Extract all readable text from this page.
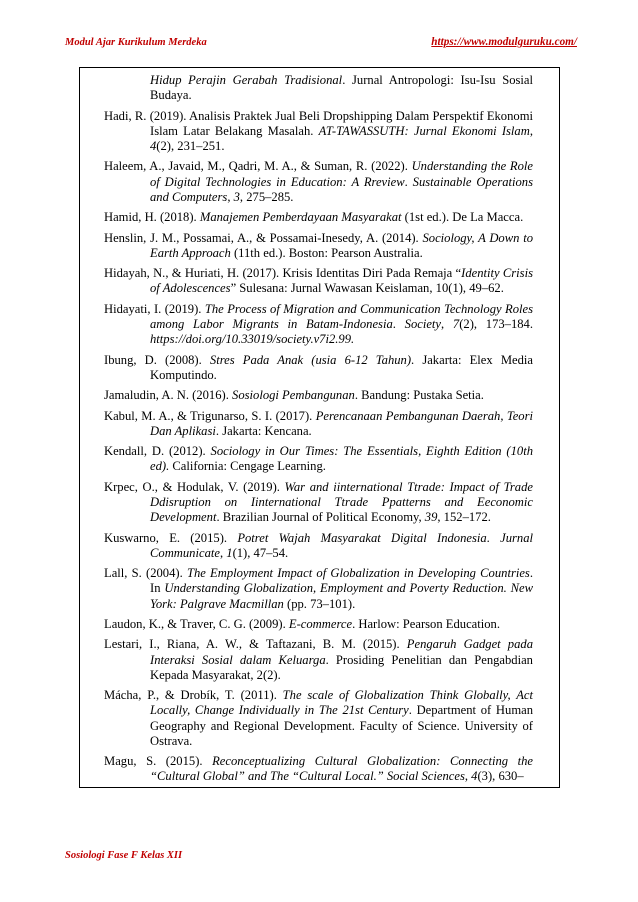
Modul Ajar Kurikulum Merdeka	https://www.modulguruku.com/

Hidup Perajin Gerabah Tradisional. Jurnal Antropologi: Isu-Isu Sosial Budaya.

Hadi, R. (2019). Analisis Praktek Jual Beli Dropshipping Dalam Perspektif Ekonomi Islam Latar Belakang Masalah. AT-TAWASSUTH: Jurnal Ekonomi Islam, 4(2), 231–251.

Haleem, A., Javaid, M., Qadri, M. A., & Suman, R. (2022). Understanding the Role of Digital Technologies in Education: A Rreview. Sustainable Operations and Computers, 3, 275–285.

Hamid, H. (2018). Manajemen Pemberdayaan Masyarakat (1st ed.). De La Macca.

Henslin, J. M., Possamai, A., & Possamai-Inesedy, A. (2014). Sociology, A Down to Earth Approach (11th ed.). Boston: Pearson Australia.

Hidayah, N., & Huriati, H. (2017). Krisis Identitas Diri Pada Remaja “Identity Crisis of Adolescences” Sulesana: Jurnal Wawasan Keislaman, 10(1), 49–62.

Hidayati, I. (2019). The Process of Migration and Communication Technology Roles among Labor Migrants in Batam-Indonesia. Society, 7(2), 173–184. https://doi.org/10.33019/society.v7i2.99.

Ibung, D. (2008). Stres Pada Anak (usia 6-12 Tahun). Jakarta: Elex Media Komputindo.

Jamaludin, A. N. (2016). Sosiologi Pembangunan. Bandung: Pustaka Setia.

Kabul, M. A., & Trigunarso, S. I. (2017). Perencanaan Pembangunan Daerah, Teori Dan Aplikasi. Jakarta: Kencana.

Kendall, D. (2012). Sociology in Our Times: The Essentials, Eighth Edition (10th ed). California: Cengage Learning.

Krpec, O., & Hodulak, V. (2019). War and iinternational Ttrade: Impact of Trade Ddisruption on Iinternational Ttrade Ppatterns and Eeconomic Development. Brazilian Journal of Political Economy, 39, 152–172.

Kuswarno, E. (2015). Potret Wajah Masyarakat Digital Indonesia. Jurnal Communicate, 1(1), 47–54.

Lall, S. (2004). The Employment Impact of Globalization in Developing Countries. In Understanding Globalization, Employment and Poverty Reduction. New York: Palgrave Macmillan (pp. 73–101).

Laudon, K., & Traver, C. G. (2009). E-commerce. Harlow: Pearson Education.

Lestari, I., Riana, A. W., & Taftazani, B. M. (2015). Pengaruh Gadget pada Interaksi Sosial dalam Keluarga. Prosiding Penelitian dan Pengabdian Kepada Masyarakat, 2(2).

Mácha, P., & Drobík, T. (2011). The scale of Globalization Think Globally, Act Locally, Change Individually in The 21st Century. Department of Human Geography and Regional Development. Faculty of Science. University of Ostrava.

Magu, S. (2015). Reconceptualizing Cultural Globalization: Connecting the “Cultural Global” and The “Cultural Local.” Social Sciences, 4(3), 630–

Sosiologi Fase F Kelas XII
